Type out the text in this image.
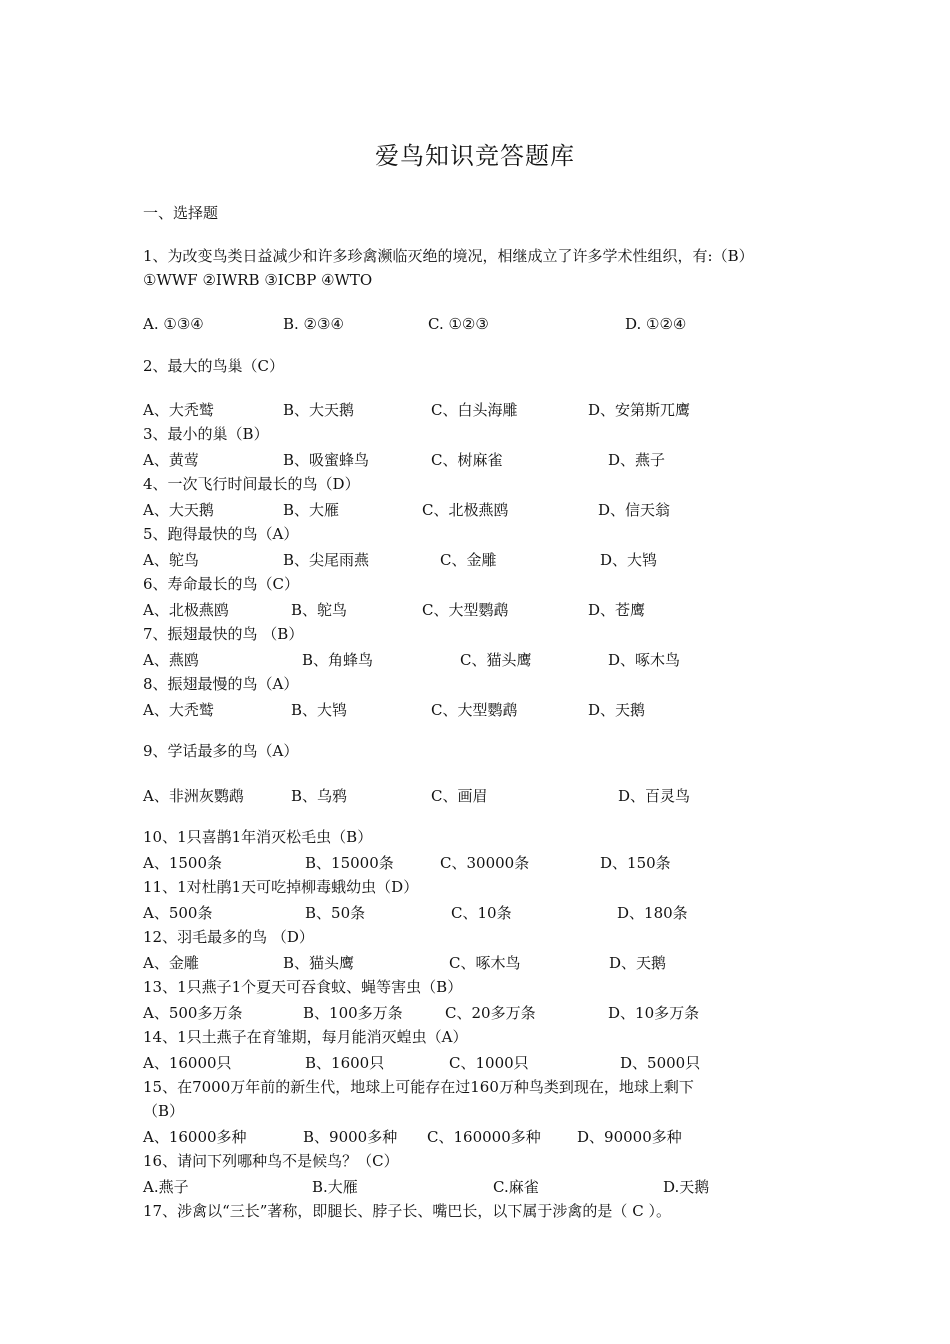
爱鸟知识竞答题库
一、选择题
1、为改变鸟类日益减少和许多珍禽濒临灭绝的境况，相继成立了许多学术性组织，有:（B）
①WWF ②IWRB ③ICBP ④WTO
2、最大的鸟巢（C）
3、最小的巢（B）
4、一次飞行时间最长的鸟（D）
5、跑得最快的鸟（A）
6、寿命最长的鸟（C）
7、振翅最快的鸟 （B）
8、振翅最慢的鸟（A）
9、学话最多的鸟（A）
10、1只喜鹊1年消灭松毛虫（B）
11、1对杜鹃1天可吃掉柳毒蛾幼虫（D）
12、羽毛最多的鸟 （D）
13、1只燕子1个夏天可吞食蚊、蝇等害虫（B）
14、1只土燕子在育雏期，每月能消灭蝗虫（A）
15、在7000万年前的新生代，地球上可能存在过160万种鸟类到现在，地球上剩下
（B）
16、请问下列哪种鸟不是候鸟？（C）
17、涉禽以“三长”著称，即腿长、脖子长、嘴巴长，以下属于涉禽的是（ C ）。
A. ①③④	B. ②③④	C. ①②③	D. ①②④
A、大秃鹫	B、大天鹅	C、白头海雕	D、安第斯兀鹰
A、黄莺	B、吸蜜蜂鸟	C、树麻雀	D、燕子
A、大天鹅	B、大雁	C、北极燕鸥	D、信天翁
A、鸵鸟	B、尖尾雨燕	C、金雕	D、大鸨
A、北极燕鸥	B、鸵鸟	C、大型鹦鹉	D、苍鹰
A、燕鸥	B、角蜂鸟	C、猫头鹰	D、啄木鸟
A、大秃鹫	B、大鸨	C、大型鹦鹉	D、天鹅
A、非洲灰鹦鹉	B、乌鸦	C、画眉	D、百灵鸟
A、1500条	B、15000条	C、30000条	D、150条
A、500条	B、50条	C、10条	D、180条
A、金雕	B、猫头鹰	C、啄木鸟	D、天鹅
A、500多万条	B、100多万条	C、20多万条	D、10多万条
A、16000只	B、1600只	C、1000只	D、5000只
A、16000多种	B、9000多种 C、160000多种 D、90000多种
A.燕子	B.大雁	C.麻雀	D.天鹅
